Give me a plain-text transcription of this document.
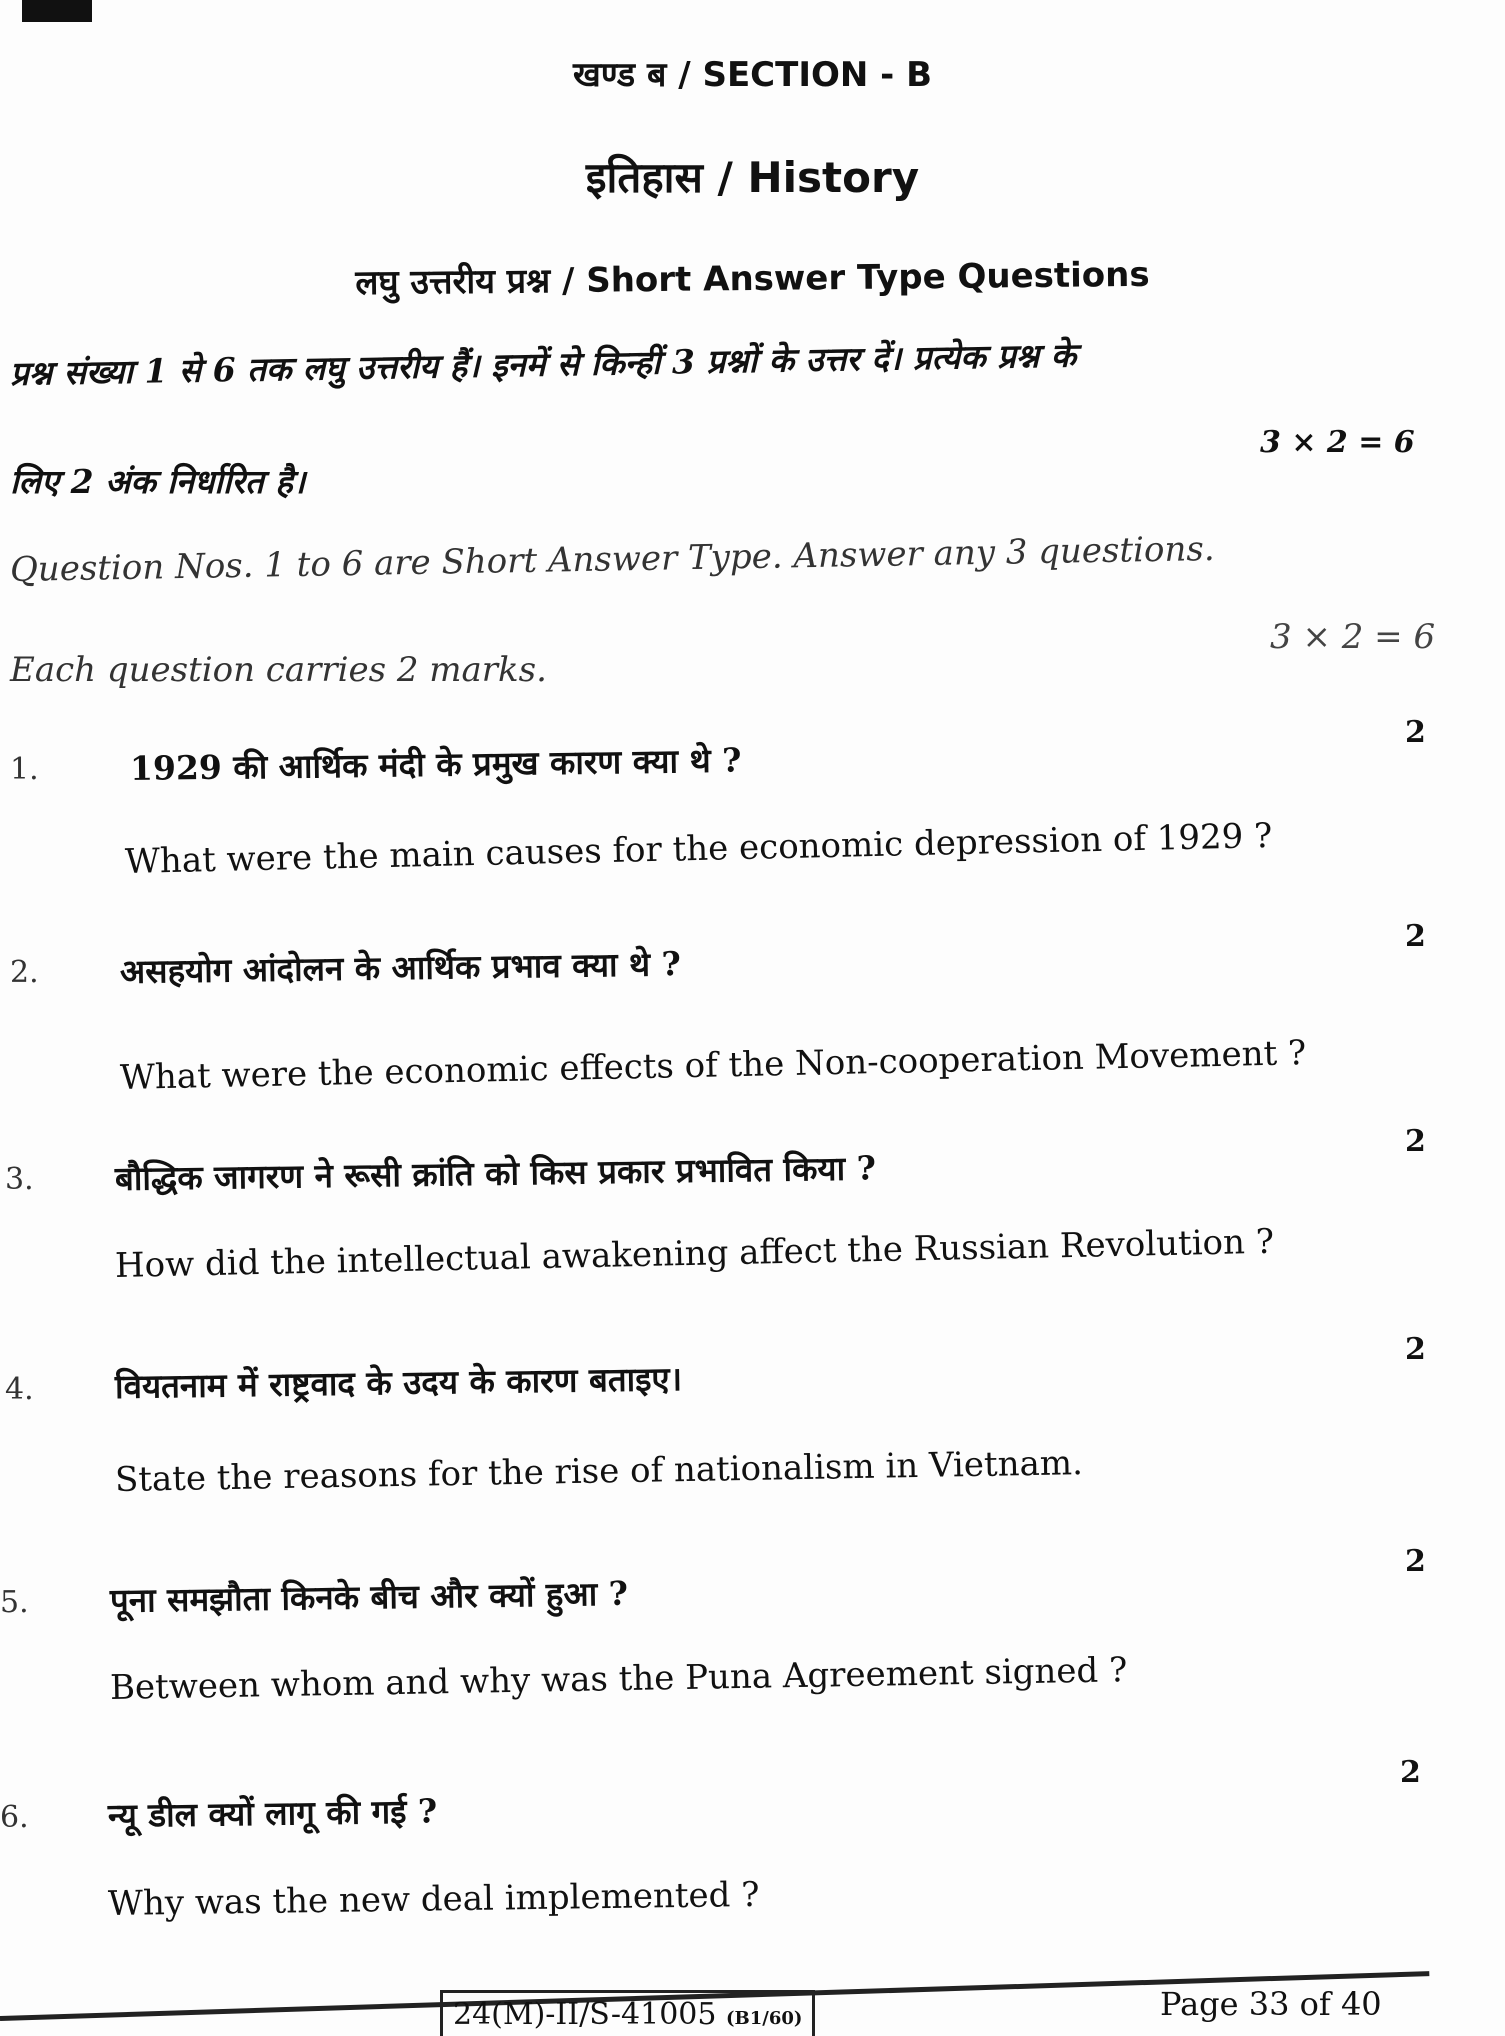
खण्ड ब / SECTION - B
इतिहास / History
लघु उत्तरीय प्रश्न / Short Answer Type Questions
प्रश्न संख्या 1 से 6 तक लघु उत्तरीय हैं। इनमें से किन्हीं 3 प्रश्नों के उत्तर दें। प्रत्येक प्रश्न के
3 × 2 = 6
लिए 2 अंक निर्धारित है।
Question Nos. 1 to 6 are Short Answer Type. Answer any 3 questions.
3 × 2 = 6
Each question carries 2 marks.
2
1.	1929 की आर्थिक मंदी के प्रमुख कारण क्या थे ?
What were the main causes for the economic depression of 1929 ?
2
2. असहयोग आंदोलन के आर्थिक प्रभाव क्या थे ?
What were the economic effects of the Non-cooperation Movement ?
2
3. बौद्धिक जागरण ने रूसी क्रांति को किस प्रकार प्रभावित किया ?
How did the intellectual awakening affect the Russian Revolution ?
2
4. वियतनाम में राष्ट्रवाद के उदय के कारण बताइए।
State the reasons for the rise of nationalism in Vietnam.
2
5. पूना समझौता किनके बीच और क्यों हुआ ?
Between whom and why was the Puna Agreement signed ?
2
6. न्यू डील क्यों लागू की गई ?
Why was the new deal implemented ?
24(M)-II/S-41005 (B1/60)	Page 33 of 40
